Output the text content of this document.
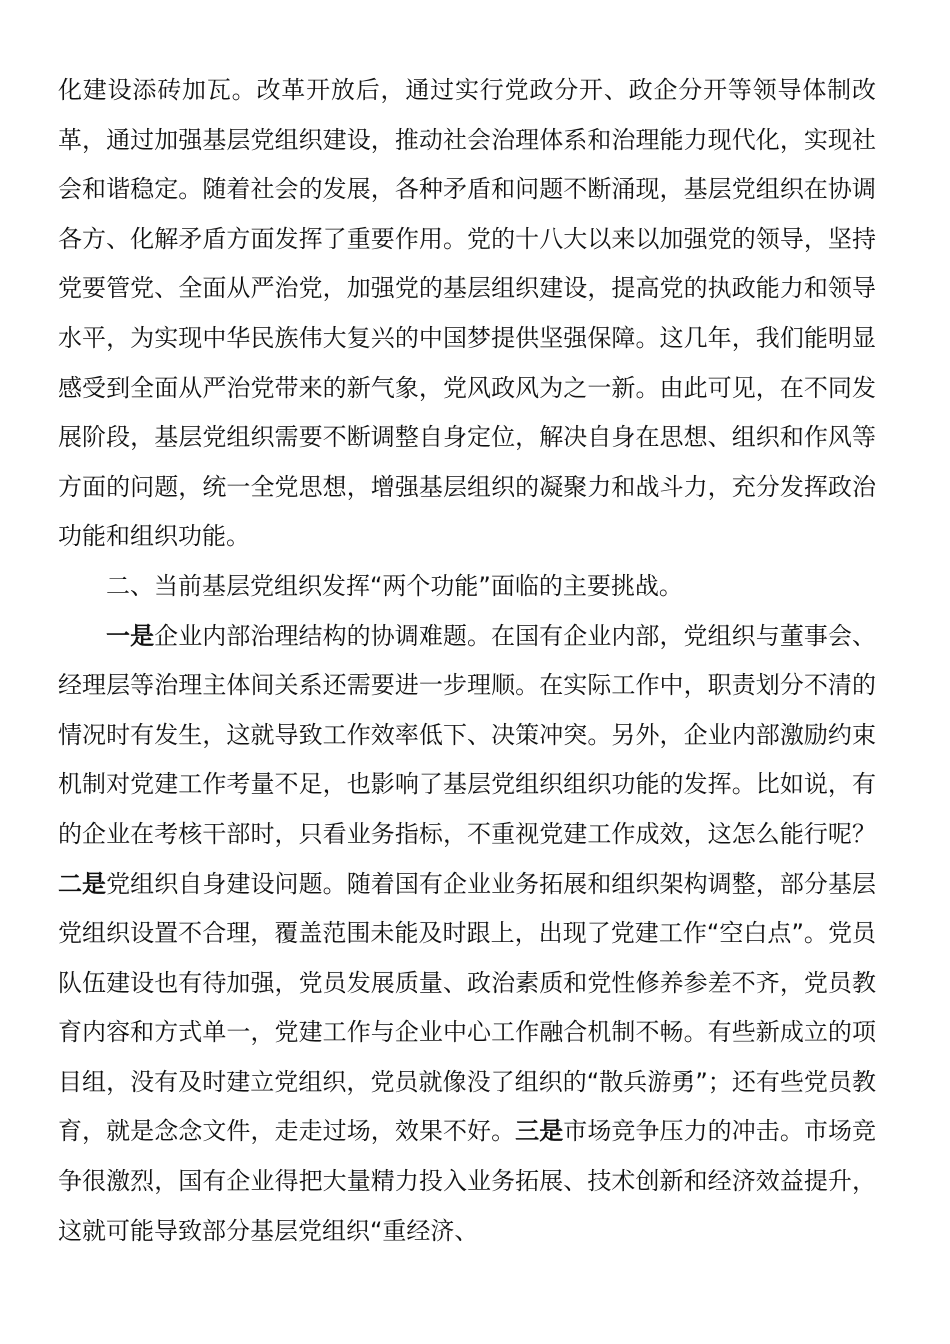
化建设添砖加瓦。改革开放后，通过实行党政分开、政企分开等领导体制改革，通过加强基层党组织建设，推动社会治理体系和治理能力现代化，实现社会和谐稳定。随着社会的发展，各种矛盾和问题不断涌现，基层党组织在协调各方、化解矛盾方面发挥了重要作用。党的十八大以来以加强党的领导，坚持党要管党、全面从严治党，加强党的基层组织建设，提高党的执政能力和领导水平，为实现中华民族伟大复兴的中国梦提供坚强保障。这几年，我们能明显感受到全面从严治党带来的新气象，党风政风为之一新。由此可见，在不同发展阶段，基层党组织需要不断调整自身定位，解决自身在思想、组织和作风等方面的问题，统一全党思想，增强基层组织的凝聚力和战斗力，充分发挥政治功能和组织功能。

二、当前基层党组织发挥“两个功能”面临的主要挑战。

一是企业内部治理结构的协调难题。在国有企业内部，党组织与董事会、经理层等治理主体间关系还需要进一步理顺。在实际工作中，职责划分不清的情况时有发生，这就导致工作效率低下、决策冲突。另外，企业内部激励约束机制对党建工作考量不足，也影响了基层党组织组织功能的发挥。比如说，有的企业在考核干部时，只看业务指标，不重视党建工作成效，这怎么能行呢？二是党组织自身建设问题。随着国有企业业务拓展和组织架构调整，部分基层党组织设置不合理，覆盖范围未能及时跟上，出现了党建工作“空白点”。党员队伍建设也有待加强，党员发展质量、政治素质和党性修养参差不齐，党员教育内容和方式单一，党建工作与企业中心工作融合机制不畅。有些新成立的项目组，没有及时建立党组织，党员就像没了组织的“散兵游勇”；还有些党员教育，就是念念文件，走走过场，效果不好。三是市场竞争压力的冲击。市场竞争很激烈，国有企业得把大量精力投入业务拓展、技术创新和经济效益提升，这就可能导致部分基层党组织“重经济、
